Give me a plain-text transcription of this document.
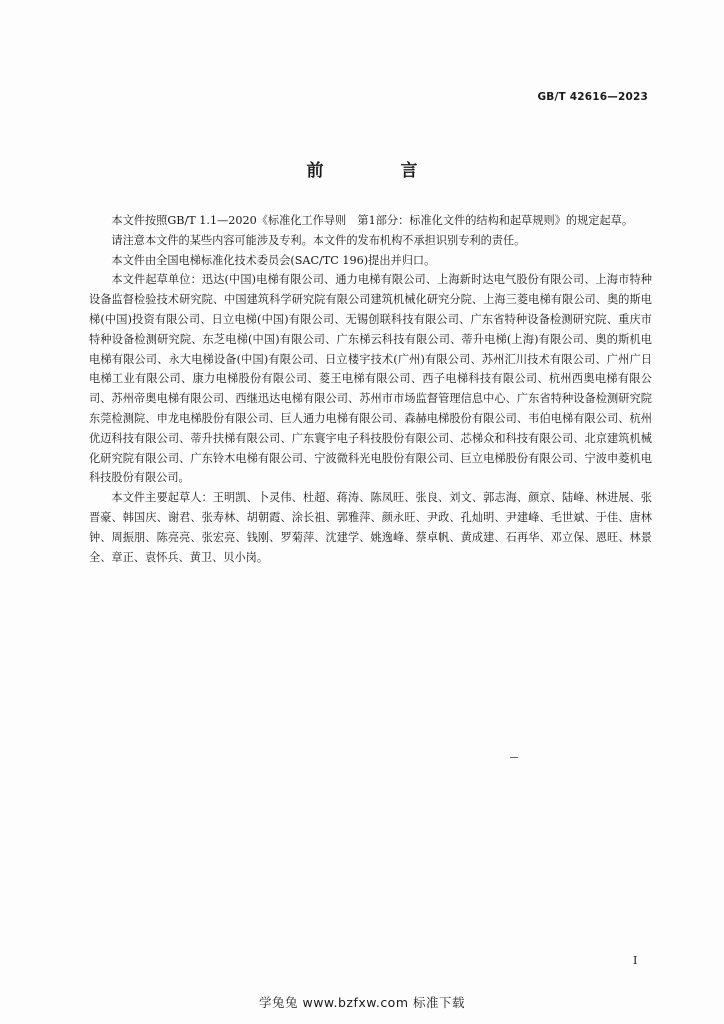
GB/T 42616—2023
前　言

本文件按照GB/T 1.1—2020《标准化工作导则　第1部分：标准化文件的结构和起草规则》的规定起草。

请注意本文件的某些内容可能涉及专利。本文件的发布机构不承担识别专利的责任。

本文件由全国电梯标准化技术委员会(SAC/TC 196)提出并归口。

本文件起草单位：迅达(中国)电梯有限公司、通力电梯有限公司、上海新时达电气股份有限公司、上海市特种设备监督检验技术研究院、中国建筑科学研究院有限公司建筑机械化研究分院、上海三菱电梯有限公司、奥的斯电梯(中国)投资有限公司、日立电梯(中国)有限公司、无锡创联科技有限公司、广东省特种设备检测研究院、重庆市特种设备检测研究院、东芝电梯(中国)有限公司、广东梯云科技有限公司、蒂升电梯(上海)有限公司、奥的斯机电电梯有限公司、永大电梯设备(中国)有限公司、日立楼宇技术(广州)有限公司、苏州汇川技术有限公司、广州广日电梯工业有限公司、康力电梯股份有限公司、菱王电梯有限公司、西子电梯科技有限公司、杭州西奥电梯有限公司、苏州帝奥电梯有限公司、西继迅达电梯有限公司、苏州市市场监督管理信息中心、广东省特种设备检测研究院东莞检测院、申龙电梯股份有限公司、巨人通力电梯有限公司、森赫电梯股份有限公司、韦伯电梯有限公司、杭州优迈科技有限公司、蒂升扶梯有限公司、广东寰宇电子科技股份有限公司、芯梯众和科技有限公司、北京建筑机械化研究院有限公司、广东铃木电梯有限公司、宁波微科光电股份有限公司、巨立电梯股份有限公司、宁波申菱机电科技股份有限公司。

本文件主要起草人：王明凯、卜灵伟、杜超、蒋涛、陈凤旺、张良、刘文、郭志海、颜京、陆峰、林进展、张晋豪、韩国庆、谢君、张寿林、胡朝霞、涂长祖、郭雅萍、颜永旺、尹政、孔灿明、尹建峰、毛世斌、于佳、唐林钟、周振朋、陈亮亮、张宏亮、钱刚、罗菊萍、沈建学、姚逸峰、蔡卓帆、黄成建、石再华、邓立保、恩旺、林景全、章正、袁怀兵、黄卫、贝小岗。

I
学兔兔 www.bzfxw.com 标准下载
